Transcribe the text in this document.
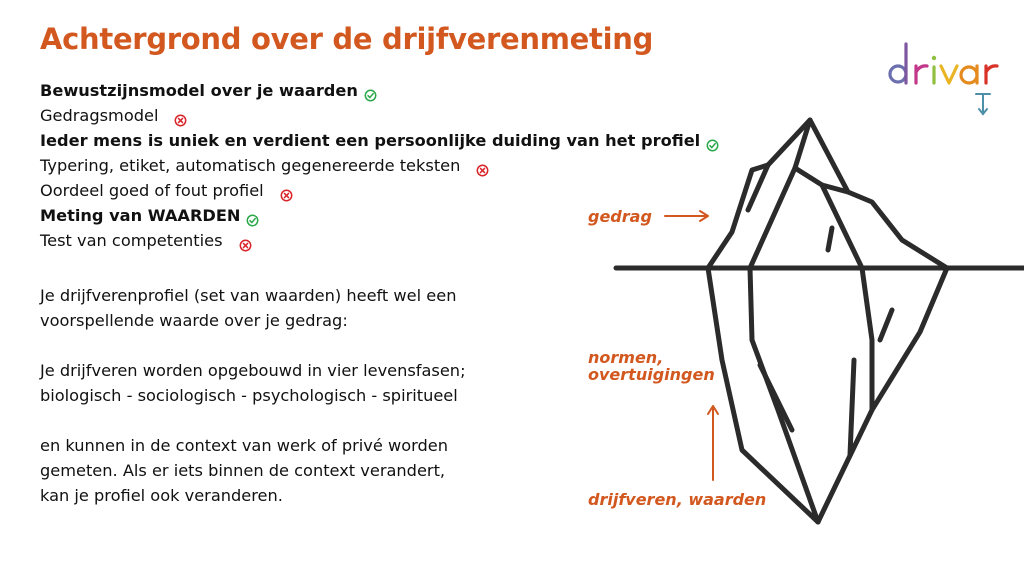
Achtergrond over de drijfverenmeting
Bewustzijnsmodel over je waarden
Gedragsmodel
Ieder mens is uniek en verdient een persoonlijke duiding van het profiel
Typering, etiket, automatisch gegenereerde teksten
Oordeel goed of fout profiel
Meting van WAARDEN
Test van competenties
Je drijfverenprofiel (set van waarden) heeft wel een
voorspellende waarde over je gedrag:
Je drijfveren worden opgebouwd in vier levensfasen;
biologisch - sociologisch - psychologisch - spiritueel
en kunnen in de context van werk of privé worden
gemeten. Als er iets binnen de context verandert,
kan je profiel ook veranderen.
gedrag
normen,
overtuigingen
drijfveren, waarden
